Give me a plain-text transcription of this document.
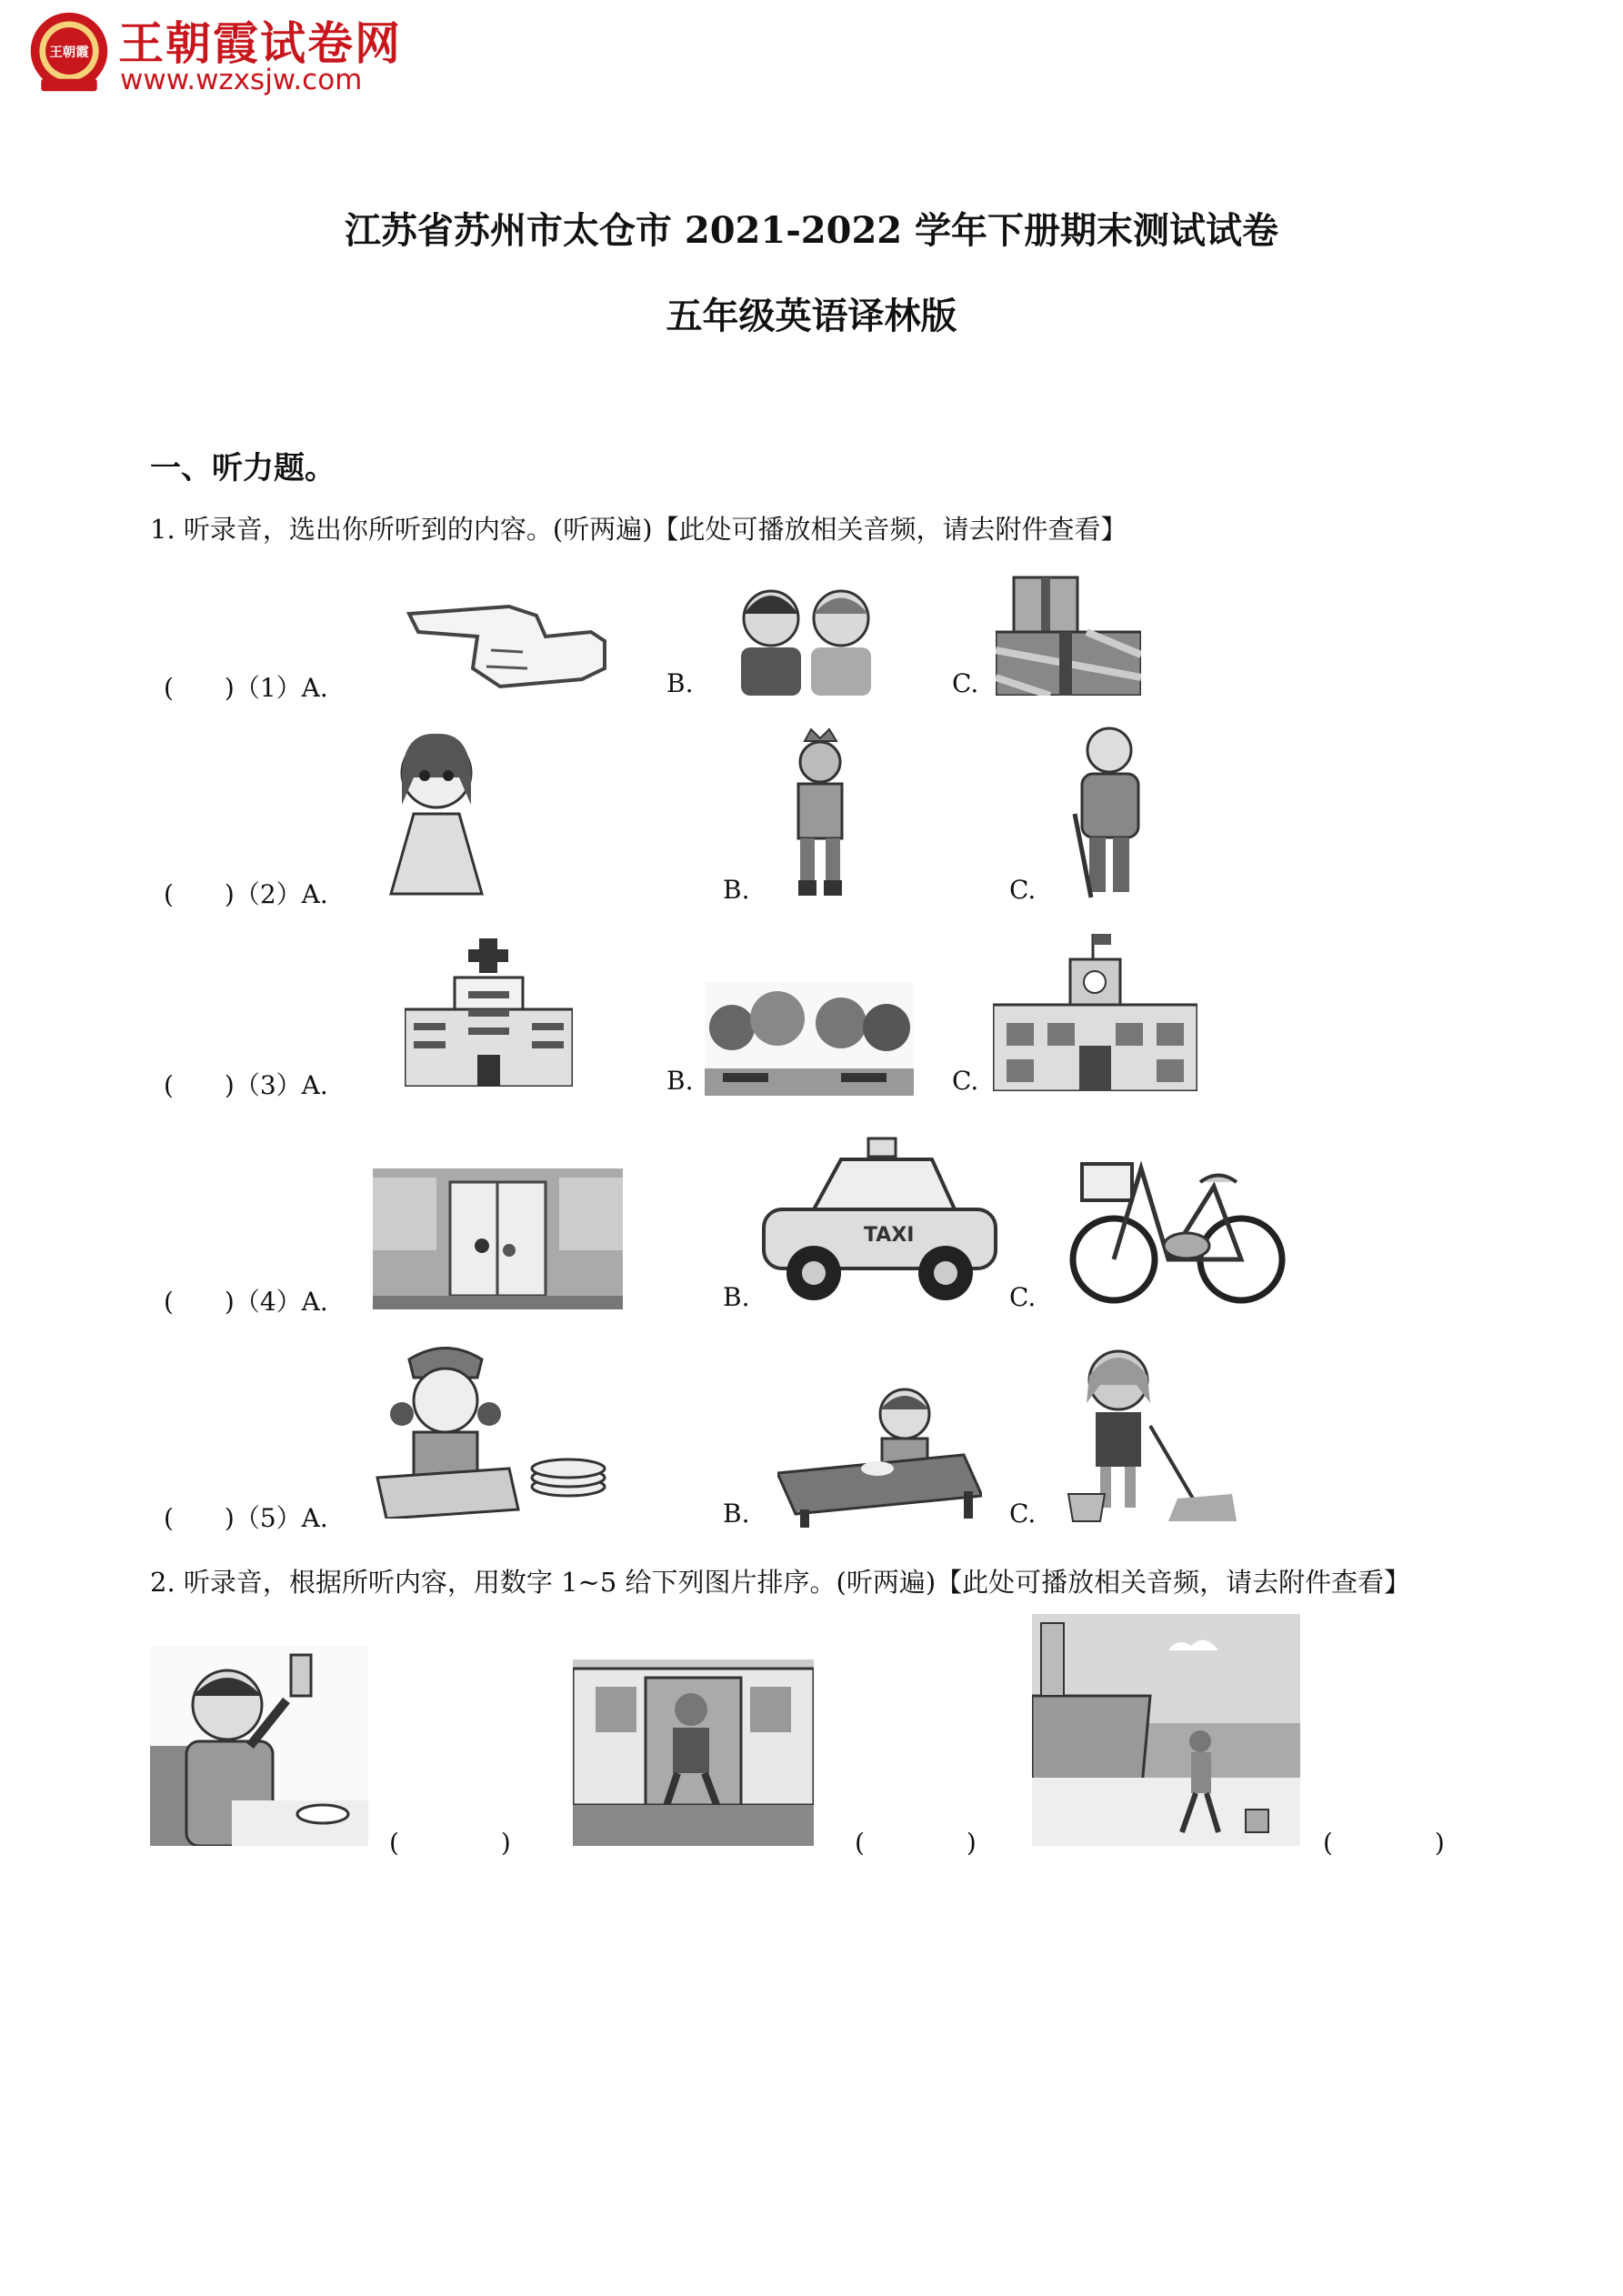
王朝霞 王朝霞试卷网
www.wzxsjw.com
江苏省苏州市太仓市 2021-2022 学年下册期末测试试卷
五年级英语译林版
一、听力题。
1. 听录音，选出你所听到的内容。(听两遍)【此处可播放相关音频，请去附件查看】
(　　)（1）A.	B.	C.
(　　)（2）A.	B.	C.
(　　)（3）A.	B.	C.
(　　)（4）A.	B.
TAXI
C.
(　　)（5）A.	B.	C.
2. 听录音，根据所听内容，用数字 1~5 给下列图片排序。(听两遍)【此处可播放相关音频，请去附件查看】
(　　　　)	(　　　　)	(　　　　)
